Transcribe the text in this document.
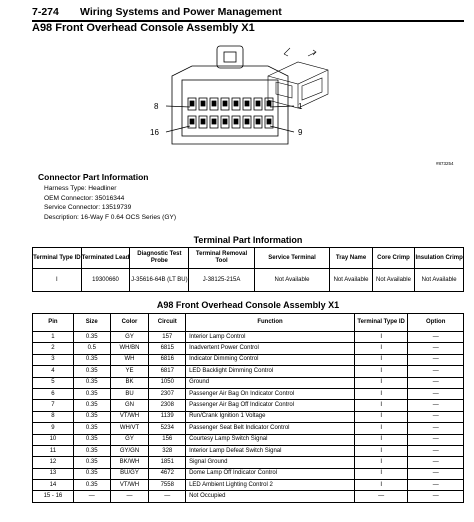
7-274 Wiring Systems and Power Management
A98 Front Overhead Console Assembly X1
8
16
1
9
#873254
Connector Part Information
Harness Type: Headliner
OEM Connector: 35016344
Service Connector: 13519739
Description: 16-Way F 0.64 OCS Series (GY)
Terminal Part Information
Terminal Type ID	Terminated Lead	Diagnostic Test Probe	Terminal Removal Tool	Service Terminal	Tray Name	Core Crimp	Insulation Crimp
I	19300660	J-35616-64B (LT BU)	J-38125-215A	Not Available	Not Available	Not Available	Not Available
A98 Front Overhead Console Assembly X1
Pin	Size	Color	Circuit	Function	Terminal Type ID	Option
1	0.35	GY	157	Interior Lamp Control	I	—
2	0.5	WH/BN	6815	Inadvertent Power Control	I	—
3	0.35	WH	6816	Indicator Dimming Control	I	—
4	0.35	YE	6817	LED Backlight Dimming Control	I	—
5	0.35	BK	1050	Ground	I	—
6	0.35	BU	2307	Passenger Air Bag On Indicator Control	I	—
7	0.35	GN	2308	Passenger Air Bag Off Indicator Control	I	—
8	0.35	VT/WH	1139	Run/Crank Ignition 1 Voltage	I	—
9	0.35	WH/VT	5234	Passenger Seat Belt Indicator Control	I	—
10	0.35	GY	156	Courtesy Lamp Switch Signal	I	—
11	0.35	GY/GN	328	Interior Lamp Defeat Switch Signal	I	—
12	0.35	BK/WH	1851	Signal Ground	I	—
13	0.35	BU/GY	4672	Dome Lamp Off Indicator Control	I	—
14	0.35	VT/WH	7558	LED Ambient Lighting Control 2	I	—
15 - 16	—	—	—	Not Occupied	—	—
